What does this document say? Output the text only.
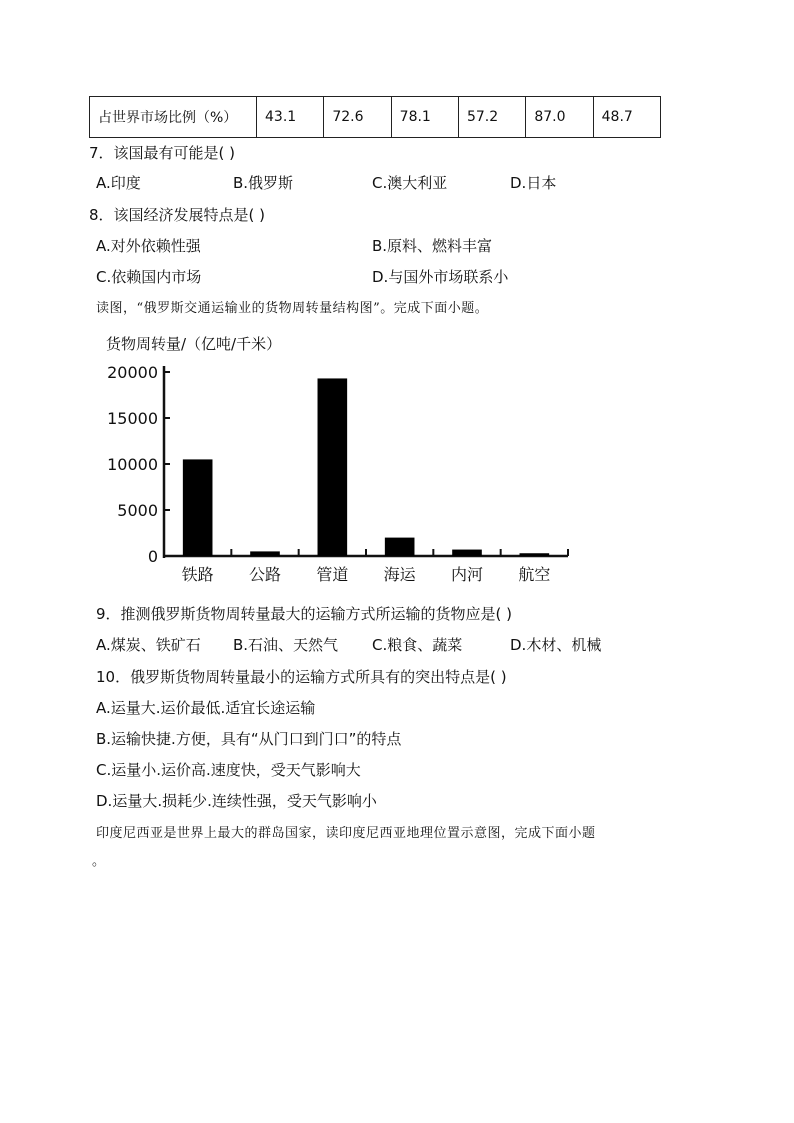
占世界市场比例（%）	43.1	72.6	78.1	57.2	87.0	48.7
7．该国最有可能是( )
A.印度	B.俄罗斯	C.澳大利亚	D.日本
8．该国经济发展特点是( )
A.对外依赖性强	B.原料、燃料丰富
C.依赖国内市场	D.与国外市场联系小
读图，“俄罗斯交通运输业的货物周转量结构图”。完成下面小题。
货物周转量/（亿吨/千米）
20000
15000
10000
5000
0
铁路 公路 管道 海运 内河 航空
9．推测俄罗斯货物周转量最大的运输方式所运输的货物应是( )
A.煤炭、铁矿石 B.石油、天然气 C.粮食、蔬菜	D.木材、机械
10．俄罗斯货物周转量最小的运输方式所具有的突出特点是( )
A.运量大.运价最低.适宜长途运输
B.运输快捷.方便，具有“从门口到门口”的特点
C.运量小.运价高.速度快，受天气影响大
D.运量大.损耗少.连续性强，受天气影响小
印度尼西亚是世界上最大的群岛国家，读印度尼西亚地理位置示意图，完成下面小题
。
